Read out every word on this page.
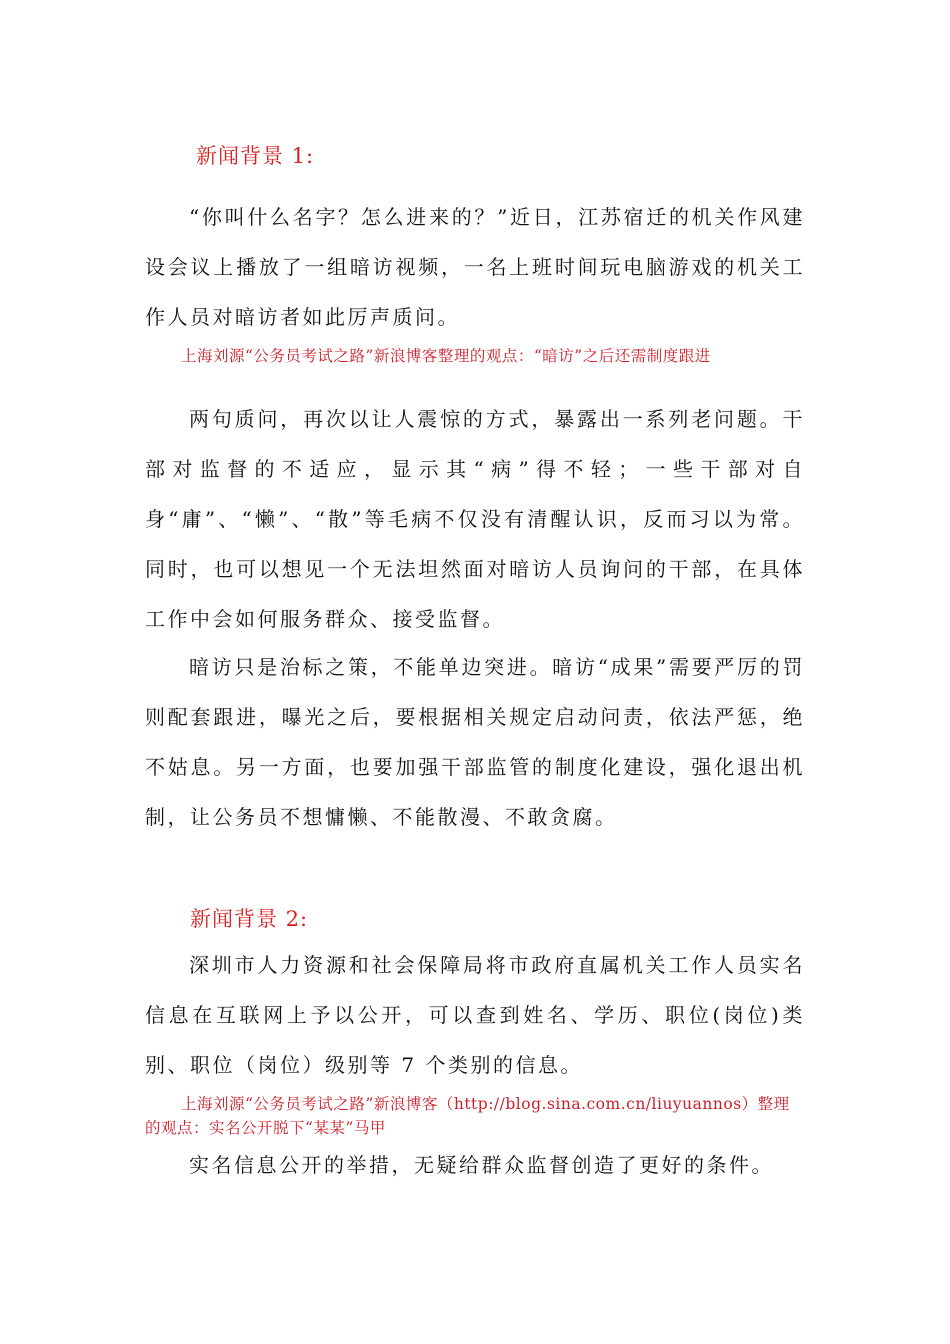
新闻背景 1:

“你叫什么名字？怎么进来的？”近日，江苏宿迁的机关作风建设会议上播放了一组暗访视频，一名上班时间玩电脑游戏的机关工作人员对暗访者如此厉声质问。

上海刘源“公务员考试之路”新浪博客整理的观点：“暗访”之后还需制度跟进

两句质问，再次以让人震惊的方式，暴露出一系列老问题。干部对监督的不适应，显示其“病”得不轻；一些干部对自身“庸”、“懒”、“散”等毛病不仅没有清醒认识，反而习以为常。同时，也可以想见一个无法坦然面对暗访人员询问的干部，在具体工作中会如何服务群众、接受监督。

暗访只是治标之策，不能单边突进。暗访“成果”需要严厉的罚则配套跟进，曝光之后，要根据相关规定启动问责，依法严惩，绝不姑息。另一方面，也要加强干部监管的制度化建设，强化退出机制，让公务员不想慵懒、不能散漫、不敢贪腐。

新闻背景 2:

深圳市人力资源和社会保障局将市政府直属机关工作人员实名信息在互联网上予以公开，可以查到姓名、学历、职位(岗位)类别、职位（岗位）级别等 7 个类别的信息。

上海刘源“公务员考试之路”新浪博客（http://blog.sina.com.cn/liuyuannos）整理的观点：实名公开脱下“某某”马甲

实名信息公开的举措，无疑给群众监督创造了更好的条件。
